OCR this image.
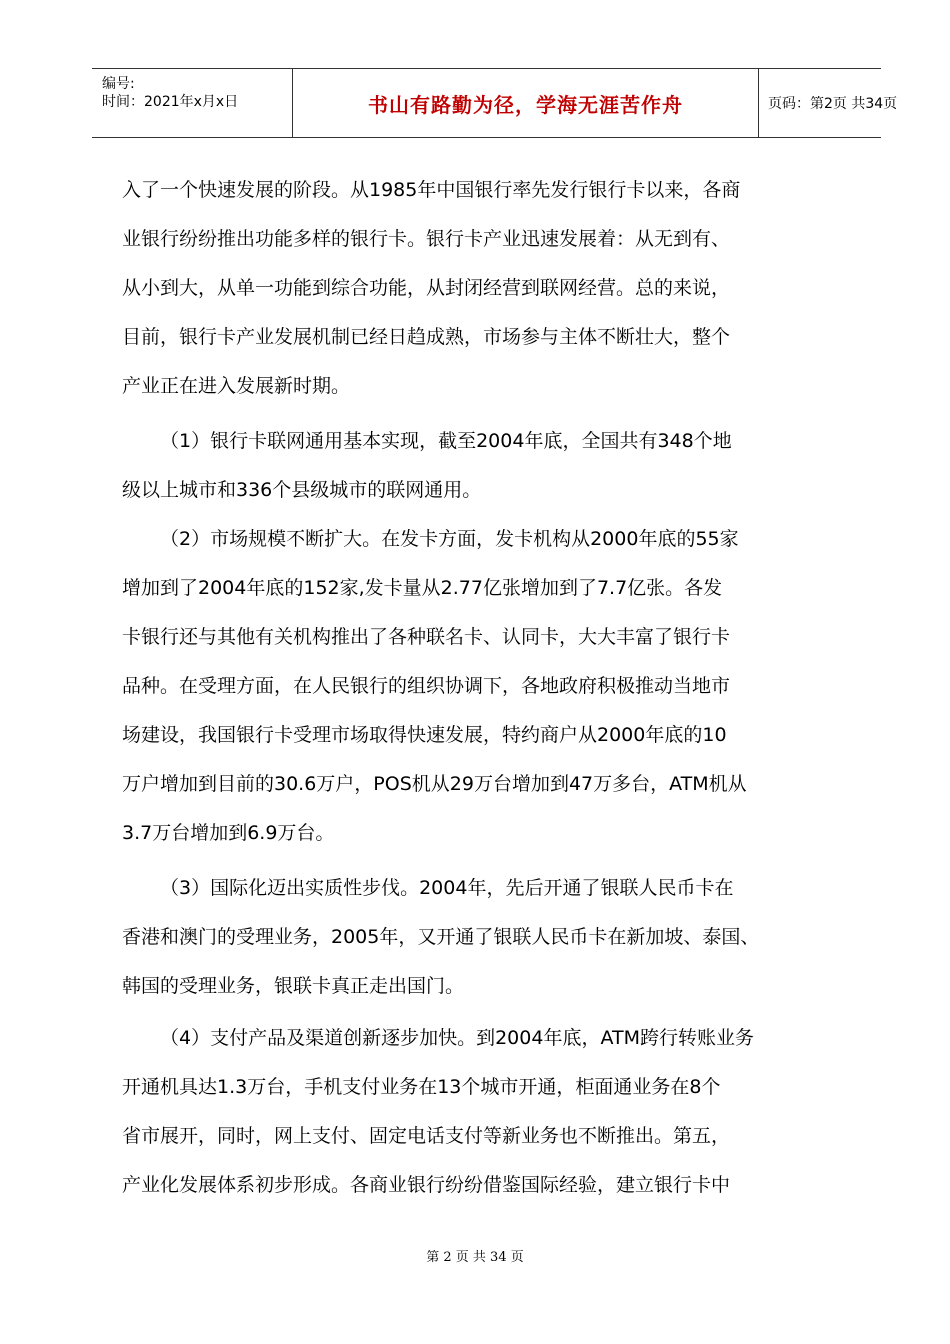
编号:
时间：2021年x月x日	书山有路勤为径，学海无涯苦作舟	页码：第2页 共34页
入了一个快速发展的阶段。从1985年中国银行率先发行银行卡以来，各商
业银行纷纷推出功能多样的银行卡。银行卡产业迅速发展着：从无到有、
从小到大，从单一功能到综合功能，从封闭经营到联网经营。总的来说，
目前，银行卡产业发展机制已经日趋成熟，市场参与主体不断壮大，整个
产业正在进入发展新时期。
（1）银行卡联网通用基本实现，截至2004年底，全国共有348个地
级以上城市和336个县级城市的联网通用。
（2）市场规模不断扩大。在发卡方面，发卡机构从2000年底的55家
增加到了2004年底的152家,发卡量从2.77亿张增加到了7.7亿张。各发
卡银行还与其他有关机构推出了各种联名卡、认同卡，大大丰富了银行卡
品种。在受理方面，在人民银行的组织协调下，各地政府积极推动当地市
场建设，我国银行卡受理市场取得快速发展，特约商户从2000年底的10
万户增加到目前的30.6万户，POS机从29万台增加到47万多台，ATM机从
3.7万台增加到6.9万台。
（3）国际化迈出实质性步伐。2004年，先后开通了银联人民币卡在
香港和澳门的受理业务，2005年，又开通了银联人民币卡在新加坡、泰国、
韩国的受理业务，银联卡真正走出国门。
（4）支付产品及渠道创新逐步加快。到2004年底，ATM跨行转账业务
开通机具达1.3万台，手机支付业务在13个城市开通，柜面通业务在8个
省市展开，同时，网上支付、固定电话支付等新业务也不断推出。第五，
产业化发展体系初步形成。各商业银行纷纷借鉴国际经验，建立银行卡中
第 2 页 共 34 页
